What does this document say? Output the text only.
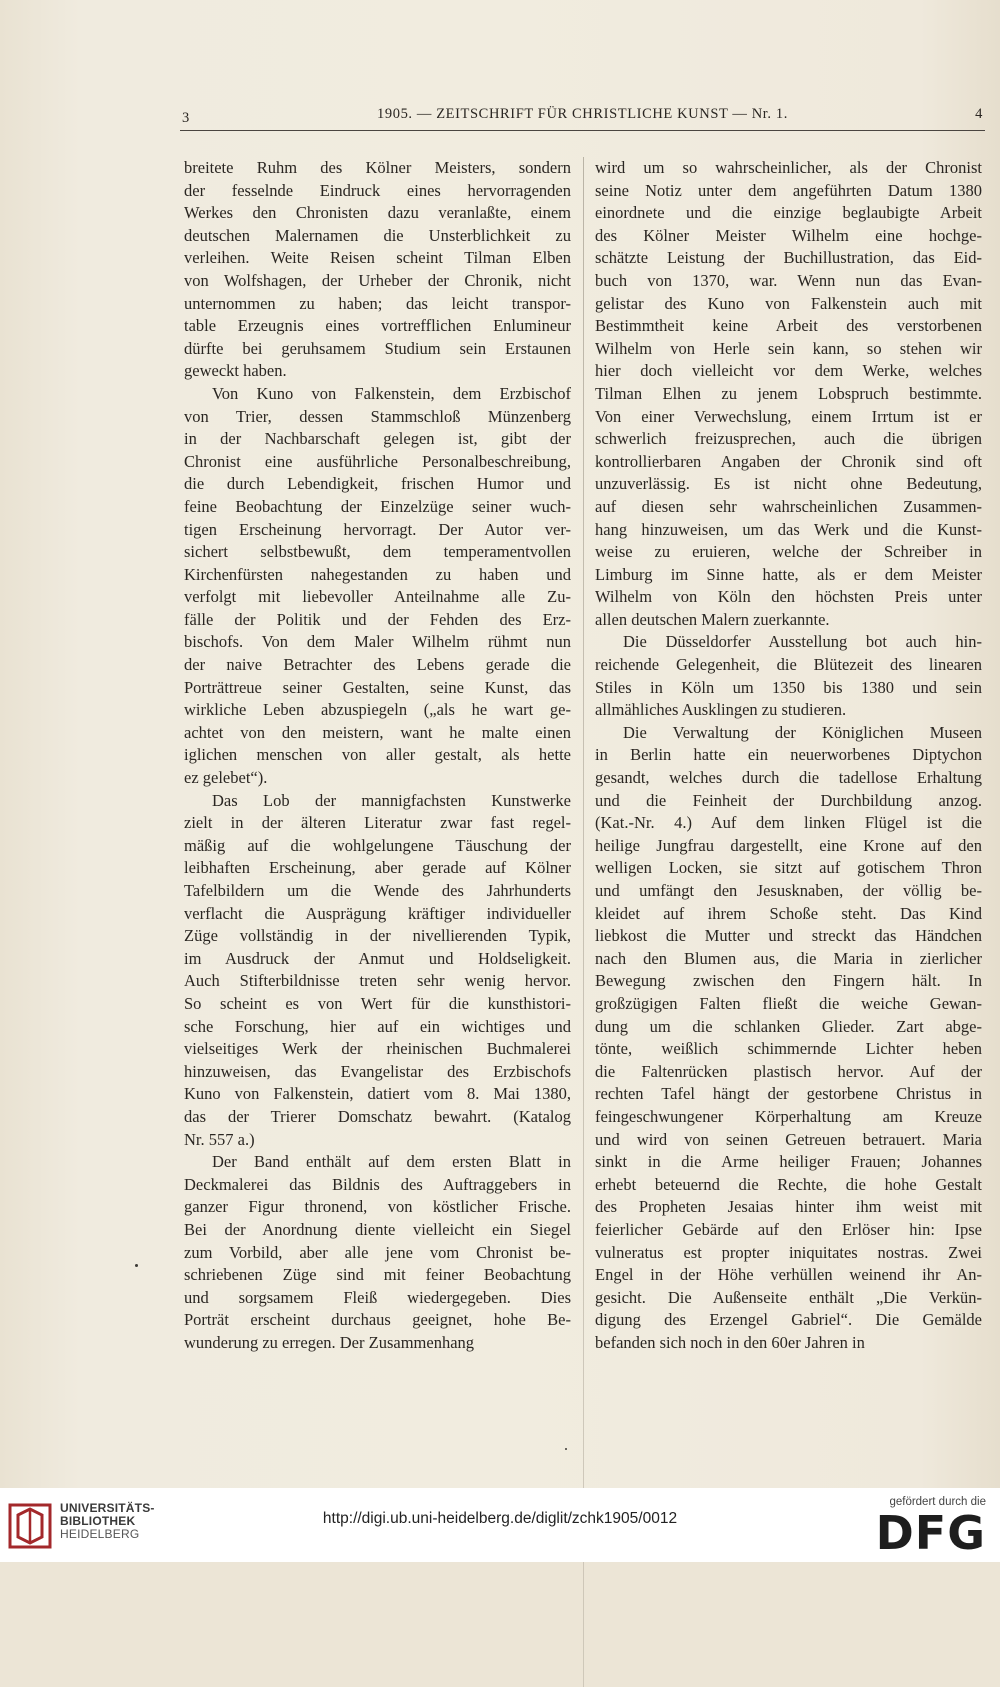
3	1905. — ZEITSCHRIFT FÜR CHRISTLICHE KUNST — Nr. 1.	4
breitete Ruhm des Kölner Meisters, sondern
der fesselnde Eindruck eines hervorragenden
Werkes den Chronisten dazu veranlaßte, einem
deutschen Malernamen die Unsterblichkeit zu
verleihen. Weite Reisen scheint Tilman Elben
von Wolfshagen, der Urheber der Chronik, nicht
unternommen zu haben; das leicht transpor-
table Erzeugnis eines vortrefflichen Enlumineur
dürfte bei geruhsamem Studium sein Erstaunen
geweckt haben.
Von Kuno von Falkenstein, dem Erzbischof
von Trier, dessen Stammschloß Münzenberg
in der Nachbarschaft gelegen ist, gibt der
Chronist eine ausführliche Personalbeschreibung,
die durch Lebendigkeit, frischen Humor und
feine Beobachtung der Einzelzüge seiner wuch-
tigen Erscheinung hervorragt. Der Autor ver-
sichert selbstbewußt, dem temperamentvollen
Kirchenfürsten nahegestanden zu haben und
verfolgt mit liebevoller Anteilnahme alle Zu-
fälle der Politik und der Fehden des Erz-
bischofs. Von dem Maler Wilhelm rühmt nun
der naive Betrachter des Lebens gerade die
Porträttreue seiner Gestalten, seine Kunst, das
wirkliche Leben abzuspiegeln („als he wart ge-
achtet von den meistern, want he malte einen
iglichen menschen von aller gestalt, als hette
ez gelebet“).
Das Lob der mannigfachsten Kunstwerke
zielt in der älteren Literatur zwar fast regel-
mäßig auf die wohlgelungene Täuschung der
leibhaften Erscheinung, aber gerade auf Kölner
Tafelbildern um die Wende des Jahrhunderts
verflacht die Ausprägung kräftiger individueller
Züge vollständig in der nivellierenden Typik,
im Ausdruck der Anmut und Holdseligkeit.
Auch Stifterbildnisse treten sehr wenig hervor.
So scheint es von Wert für die kunsthistori-
sche Forschung, hier auf ein wichtiges und
vielseitiges Werk der rheinischen Buchmalerei
hinzuweisen, das Evangelistar des Erzbischofs
Kuno von Falkenstein, datiert vom 8. Mai 1380,
das der Trierer Domschatz bewahrt. (Katalog
Nr. 557 a.)
Der Band enthält auf dem ersten Blatt in
Deckmalerei das Bildnis des Auftraggebers in
ganzer Figur thronend, von köstlicher Frische.
Bei der Anordnung diente vielleicht ein Siegel
zum Vorbild, aber alle jene vom Chronist be-
schriebenen Züge sind mit feiner Beobachtung
und sorgsamem Fleiß wiedergegeben. Dies
Porträt erscheint durchaus geeignet, hohe Be-
wunderung zu erregen. Der Zusammenhang
wird um so wahrscheinlicher, als der Chronist
seine Notiz unter dem angeführten Datum 1380
einordnete und die einzige beglaubigte Arbeit
des Kölner Meister Wilhelm eine hochge-
schätzte Leistung der Buchillustration, das Eid-
buch von 1370, war. Wenn nun das Evan-
gelistar des Kuno von Falkenstein auch mit
Bestimmtheit keine Arbeit des verstorbenen
Wilhelm von Herle sein kann, so stehen wir
hier doch vielleicht vor dem Werke, welches
Tilman Elhen zu jenem Lobspruch bestimmte.
Von einer Verwechslung, einem Irrtum ist er
schwerlich freizusprechen, auch die übrigen
kontrollierbaren Angaben der Chronik sind oft
unzuverlässig. Es ist nicht ohne Bedeutung,
auf diesen sehr wahrscheinlichen Zusammen-
hang hinzuweisen, um das Werk und die Kunst-
weise zu eruieren, welche der Schreiber in
Limburg im Sinne hatte, als er dem Meister
Wilhelm von Köln den höchsten Preis unter
allen deutschen Malern zuerkannte.
Die Düsseldorfer Ausstellung bot auch hin-
reichende Gelegenheit, die Blütezeit des linearen
Stiles in Köln um 1350 bis 1380 und sein
allmähliches Ausklingen zu studieren.
Die Verwaltung der Königlichen Museen
in Berlin hatte ein neuerworbenes Diptychon
gesandt, welches durch die tadellose Erhaltung
und die Feinheit der Durchbildung anzog.
(Kat.-Nr. 4.) Auf dem linken Flügel ist die
heilige Jungfrau dargestellt, eine Krone auf den
welligen Locken, sie sitzt auf gotischem Thron
und umfängt den Jesusknaben, der völlig be-
kleidet auf ihrem Schoße steht. Das Kind
liebkost die Mutter und streckt das Händchen
nach den Blumen aus, die Maria in zierlicher
Bewegung zwischen den Fingern hält. In
großzügigen Falten fließt die weiche Gewan-
dung um die schlanken Glieder. Zart abge-
tönte, weißlich schimmernde Lichter heben
die Faltenrücken plastisch hervor. Auf der
rechten Tafel hängt der gestorbene Christus in
feingeschwungener Körperhaltung am Kreuze
und wird von seinen Getreuen betrauert. Maria
sinkt in die Arme heiliger Frauen; Johannes
erhebt beteuernd die Rechte, die hohe Gestalt
des Propheten Jesaias hinter ihm weist mit
feierlicher Gebärde auf den Erlöser hin: Ipse
vulneratus est propter iniquitates nostras. Zwei
Engel in der Höhe verhüllen weinend ihr An-
gesicht. Die Außenseite enthält „Die Verkün-
digung des Erzengel Gabriel“. Die Gemälde
befanden sich noch in den 60er Jahren in
UNIVERSITÄTS-
BIBLIOTHEK
HEIDELBERG
http://digi.ub.uni-heidelberg.de/diglit/zchk1905/0012
gefördert durch die
DFG
